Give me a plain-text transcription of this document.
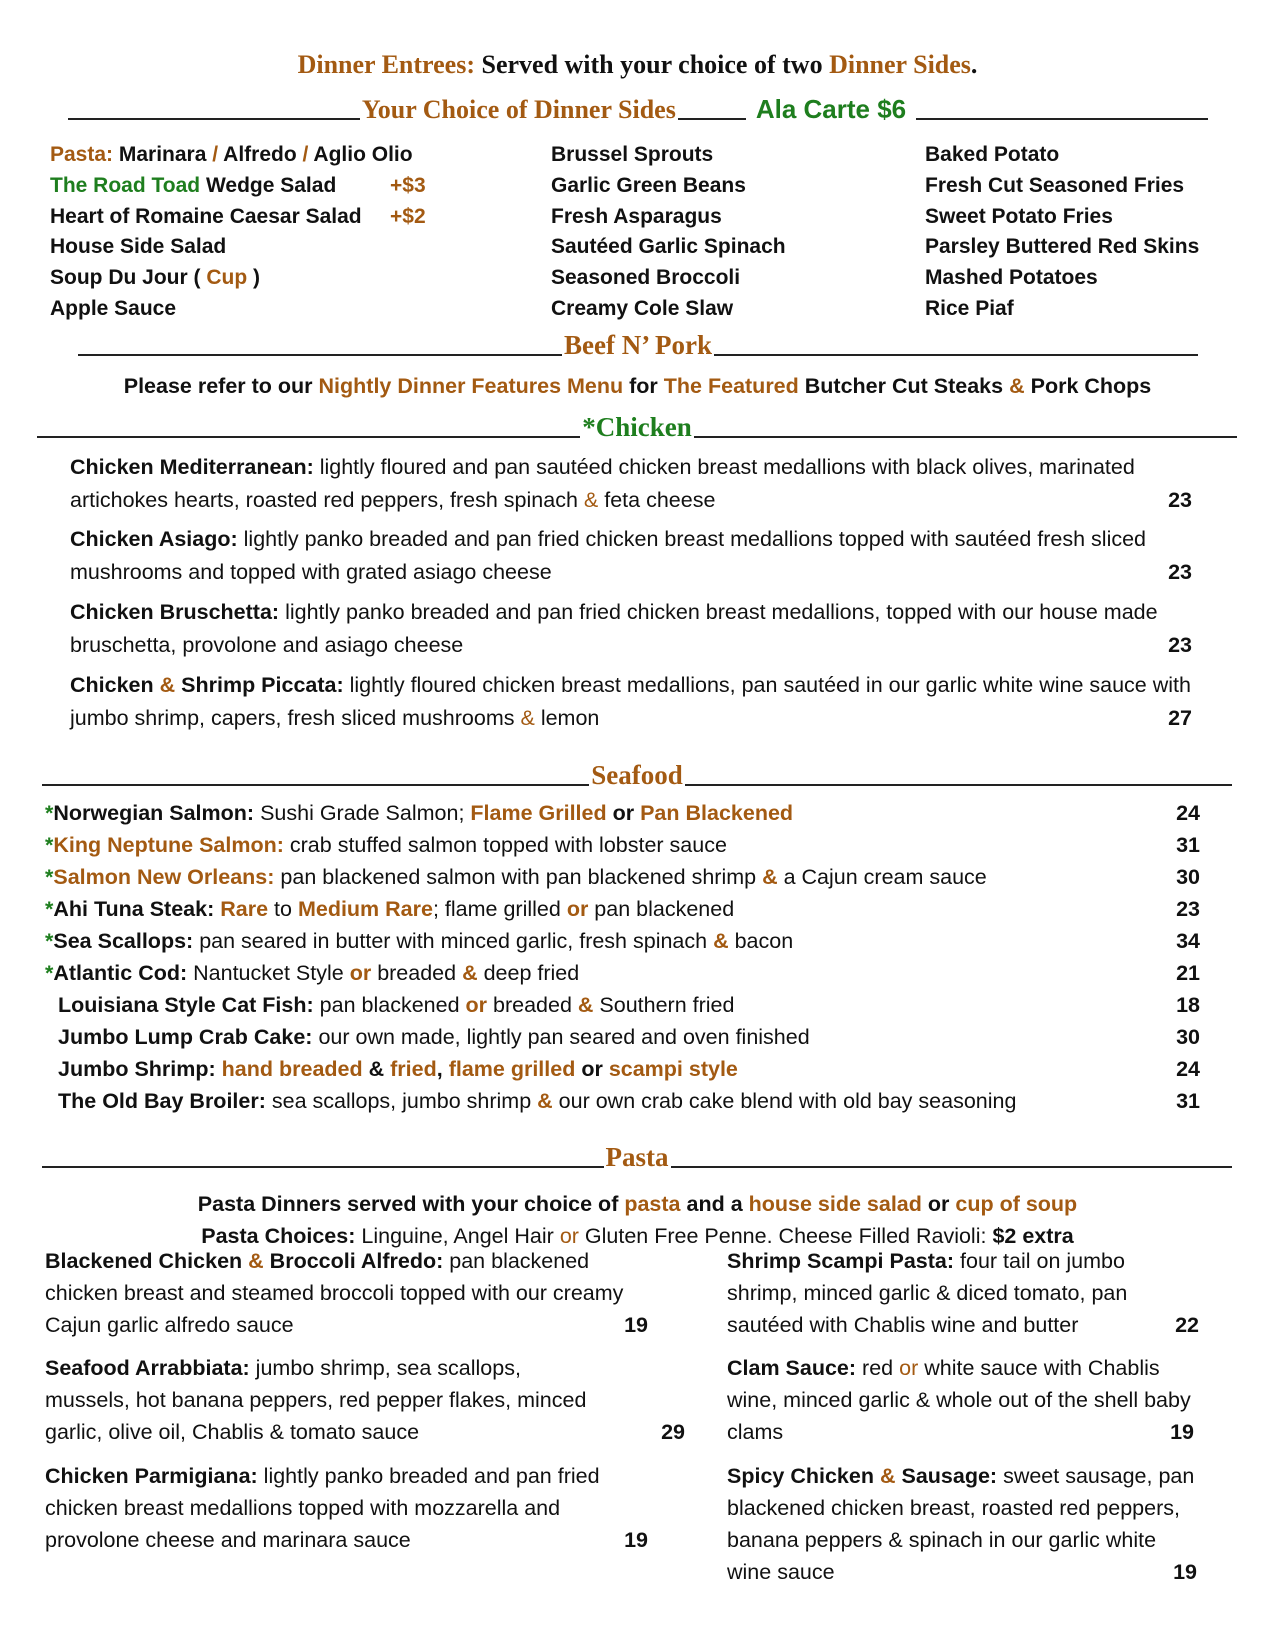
Dinner Entrees: Served with your choice of two Dinner Sides.
Your Choice of Dinner Sides	Ala Carte $6
Pasta: Marinara / Alfredo / Aglio Olio
The Road Toad Wedge Salad	+$3
Heart of Romaine Caesar Salad +$2
House Side Salad
Soup Du Jour ( Cup )
Apple Sauce
Brussel Sprouts
Garlic Green Beans
Fresh Asparagus
Sautéed Garlic Spinach
Seasoned Broccoli
Creamy Cole Slaw
Baked Potato
Fresh Cut Seasoned Fries
Sweet Potato Fries
Parsley Buttered Red Skins
Mashed Potatoes
Rice Piaf
Beef N’ Pork
Please refer to our Nightly Dinner Features Menu for The Featured Butcher Cut Steaks & Pork Chops
*Chicken
Chicken Mediterranean: lightly floured and pan sautéed chicken breast medallions with black olives, marinated artichokes hearts, roasted red peppers, fresh spinach & feta cheese	23
Chicken Asiago: lightly panko breaded and pan fried chicken breast medallions topped with sautéed fresh sliced mushrooms and topped with grated asiago cheese	23
Chicken Bruschetta: lightly panko breaded and pan fried chicken breast medallions, topped with our house made bruschetta, provolone and asiago cheese	23
Chicken & Shrimp Piccata: lightly floured chicken breast medallions, pan sautéed in our garlic white wine sauce with jumbo shrimp, capers, fresh sliced mushrooms & lemon	27
Seafood
*Norwegian Salmon: Sushi Grade Salmon; Flame Grilled or Pan Blackened	24
*King Neptune Salmon: crab stuffed salmon topped with lobster sauce	31
*Salmon New Orleans: pan blackened salmon with pan blackened shrimp & a Cajun cream sauce	30
*Ahi Tuna Steak: Rare to Medium Rare; flame grilled or pan blackened	23
*Sea Scallops: pan seared in butter with minced garlic, fresh spinach & bacon	34
*Atlantic Cod: Nantucket Style or breaded & deep fried	21
Louisiana Style Cat Fish: pan blackened or breaded & Southern fried	18
Jumbo Lump Crab Cake: our own made, lightly pan seared and oven finished	30
Jumbo Shrimp: hand breaded & fried, flame grilled or scampi style	24
The Old Bay Broiler: sea scallops, jumbo shrimp & our own crab cake blend with old bay seasoning	31
Pasta
Pasta Dinners served with your choice of pasta and a house side salad or cup of soup
Pasta Choices: Linguine, Angel Hair or Gluten Free Penne. Cheese Filled Ravioli: $2 extra
Blackened Chicken & Broccoli Alfredo: pan blackened chicken breast and steamed broccoli topped with our creamy Cajun garlic alfredo sauce	19
Seafood Arrabbiata: jumbo shrimp, sea scallops, mussels, hot banana peppers, red pepper flakes, minced garlic, olive oil, Chablis & tomato sauce	29
Chicken Parmigiana: lightly panko breaded and pan fried chicken breast medallions topped with mozzarella and provolone cheese and marinara sauce	19
Shrimp Scampi Pasta: four tail on jumbo shrimp, minced garlic & diced tomato, pan sautéed with Chablis wine and butter	22
Clam Sauce: red or white sauce with Chablis wine, minced garlic & whole out of the shell baby clams	19
Spicy Chicken & Sausage: sweet sausage, pan blackened chicken breast, roasted red peppers, banana peppers & spinach in our garlic white wine sauce	19
